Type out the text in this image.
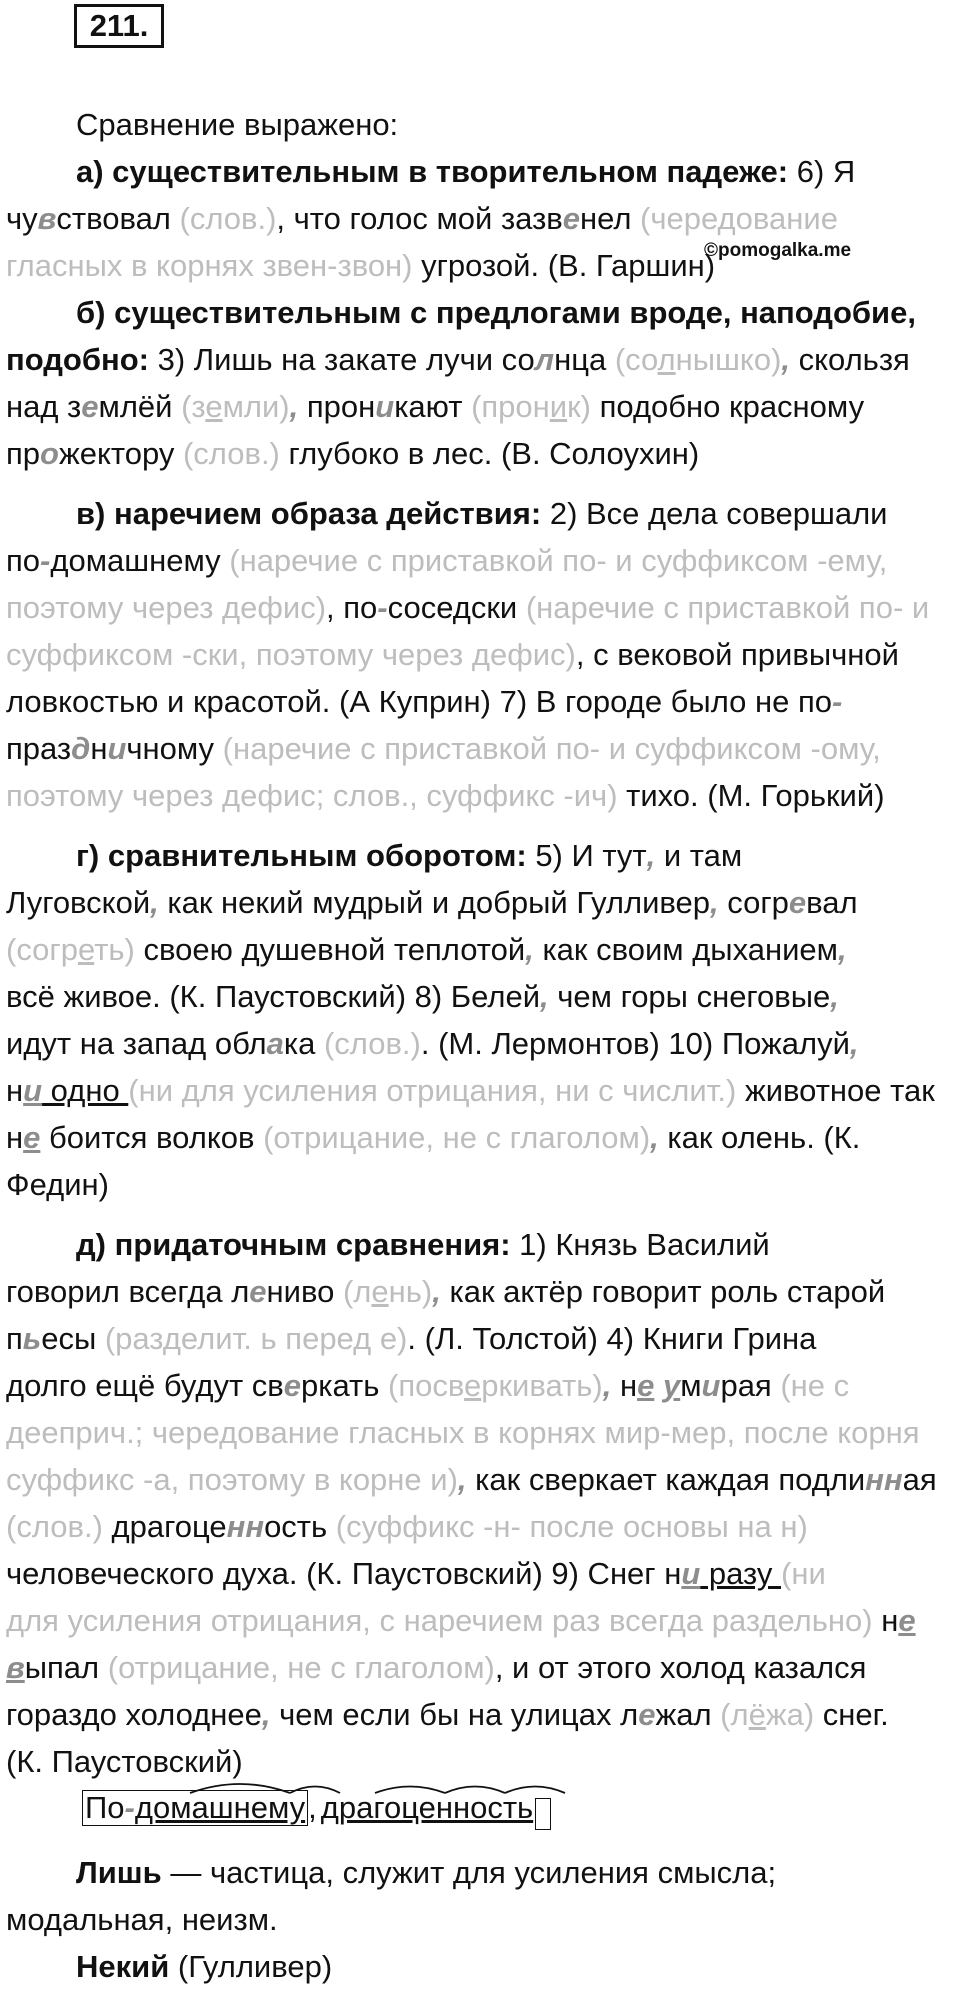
211.
©pomogalka.me

Сравнение выражено:

а) существительным в творительном падеже: 6) Я

чувствовал (слов.), что голос мой зазвенел (чередование

гласных в корнях звен-звон) угрозой. (В. Гаршин)

б) существительным с предлогами вроде, наподобие,

подобно: 3) Лишь на закате лучи солнца (солнышко), скользя

над землёй (земли), проникают (проник) подобно красному

прожектору (слов.) глубоко в лес. (В. Солоухин)

в) наречием образа действия: 2) Все дела совершали

по-домашнему (наречие с приставкой по- и суффиксом -ему,

поэтому через дефис), по-соседски (наречие с приставкой по- и

суффиксом -ски, поэтому через дефис), с вековой привычной

ловкостью и красотой. (А Куприн) 7) В городе было не по-

праздничному (наречие с приставкой по- и суффиксом -ому,

поэтому через дефис; слов., суффикс -ич) тихо. (М. Горький)

г) сравнительным оборотом: 5) И тут, и там

Луговской, как некий мудрый и добрый Гулливер, согревал

(согреть) своею душевной теплотой, как своим дыханием,

всё живое. (К. Паустовский) 8) Белей, чем горы снеговые,

идут на запад облака (слов.). (М. Лермонтов) 10) Пожалуй,

ни одно (ни для усиления отрицания, ни с числит.) животное так

не боится волков (отрицание, не с глаголом), как олень. (К.

Федин)

д) придаточным сравнения: 1) Князь Василий

говорил всегда лениво (лень), как актёр говорит роль старой

пьесы (разделит. ь перед е). (Л. Толстой) 4) Книги Грина

долго ещё будут сверкать (посверкивать), не умирая (не с

дееприч.; чередование гласных в корнях мир-мер, после корня

суффикс -а, поэтому в корне и), как сверкает каждая подлинная

(слов.) драгоценность (суффикс -н- после основы на н)

человеческого духа. (К. Паустовский) 9) Снег ни разу (ни

для усиления отрицания, с наречием раз всегда раздельно) не

выпал (отрицание, не с глаголом), и от этого холод казался

гораздо холоднее, чем если бы на улицах лежал (лёжа) снег.

(К. Паустовский)

По-домашнему, драгоценность

Лишь — частица, служит для усиления смысла;

модальная, неизм.

Некий (Гулливер)
